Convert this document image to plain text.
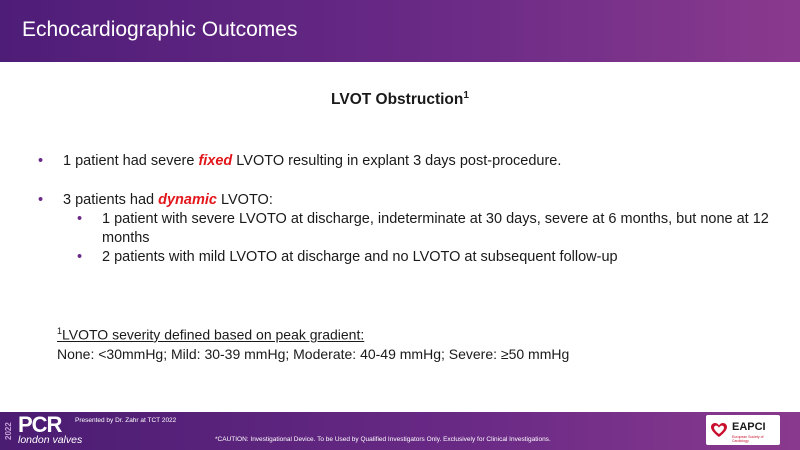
Echocardiographic Outcomes
LVOT Obstruction$^1$
• 1 patient had severe fixed LVOTO resulting in explant 3 days post-procedure.
• 3 patients had dynamic LVOTO:
• 1 patient with severe LVOTO at discharge, indeterminate at 30 days, severe at 6 months, but none at 12 months
• 2 patients with mild LVOTO at discharge and no LVOTO at subsequent follow-up
$^1$LVOTO severity defined based on peak gradient:
None: <30mmHg; Mild: 30-39 mmHg; Moderate: 40-49 mmHg; Severe: ≥50 mmHg
2022 PCR
london valves
Presented by Dr. Zahr at TCT 2022
*CAUTION: Investigational Device. To be Used by Qualified Investigators Only. Exclusively for Clinical Investigations.
EAPCI
European Society of Cardiology
